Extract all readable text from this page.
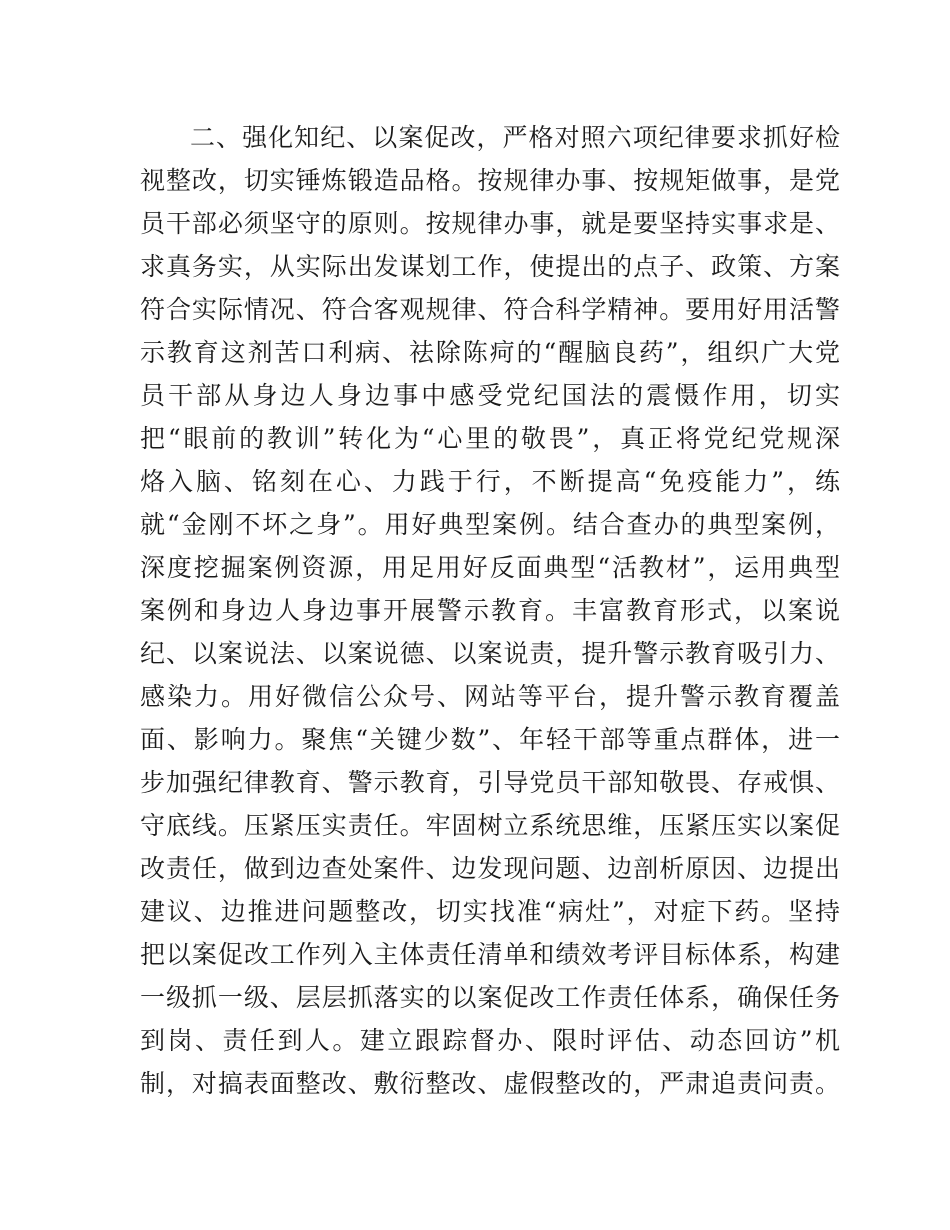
二、强化知纪、以案促改，严格对照六项纪律要求抓好检
视整改，切实锤炼锻造品格。按规律办事、按规矩做事，是党
员干部必须坚守的原则。按规律办事，就是要坚持实事求是、
求真务实，从实际出发谋划工作，使提出的点子、政策、方案
符合实际情况、符合客观规律、符合科学精神。要用好用活警
示教育这剂苦口利病、祛除陈疴的“醒脑良药”，组织广大党
员干部从身边人身边事中感受党纪国法的震慑作用，切实
把“眼前的教训”转化为“心里的敬畏”，真正将党纪党规深
烙入脑、铭刻在心、力践于行，不断提高“免疫能力”，练
就“金刚不坏之身”。用好典型案例。结合查办的典型案例，
深度挖掘案例资源，用足用好反面典型“活教材”，运用典型
案例和身边人身边事开展警示教育。丰富教育形式，以案说
纪、以案说法、以案说德、以案说责，提升警示教育吸引力、
感染力。用好微信公众号、网站等平台，提升警示教育覆盖
面、影响力。聚焦“关键少数”、年轻干部等重点群体，进一
步加强纪律教育、警示教育，引导党员干部知敬畏、存戒惧、
守底线。压紧压实责任。牢固树立系统思维，压紧压实以案促
改责任，做到边查处案件、边发现问题、边剖析原因、边提出
建议、边推进问题整改，切实找准“病灶”，对症下药。坚持
把以案促改工作列入主体责任清单和绩效考评目标体系，构建
一级抓一级、层层抓落实的以案促改工作责任体系，确保任务
到岗、责任到人。建立跟踪督办、限时评估、动态回访”机
制，对搞表面整改、敷衍整改、虚假整改的，严肃追责问责。
